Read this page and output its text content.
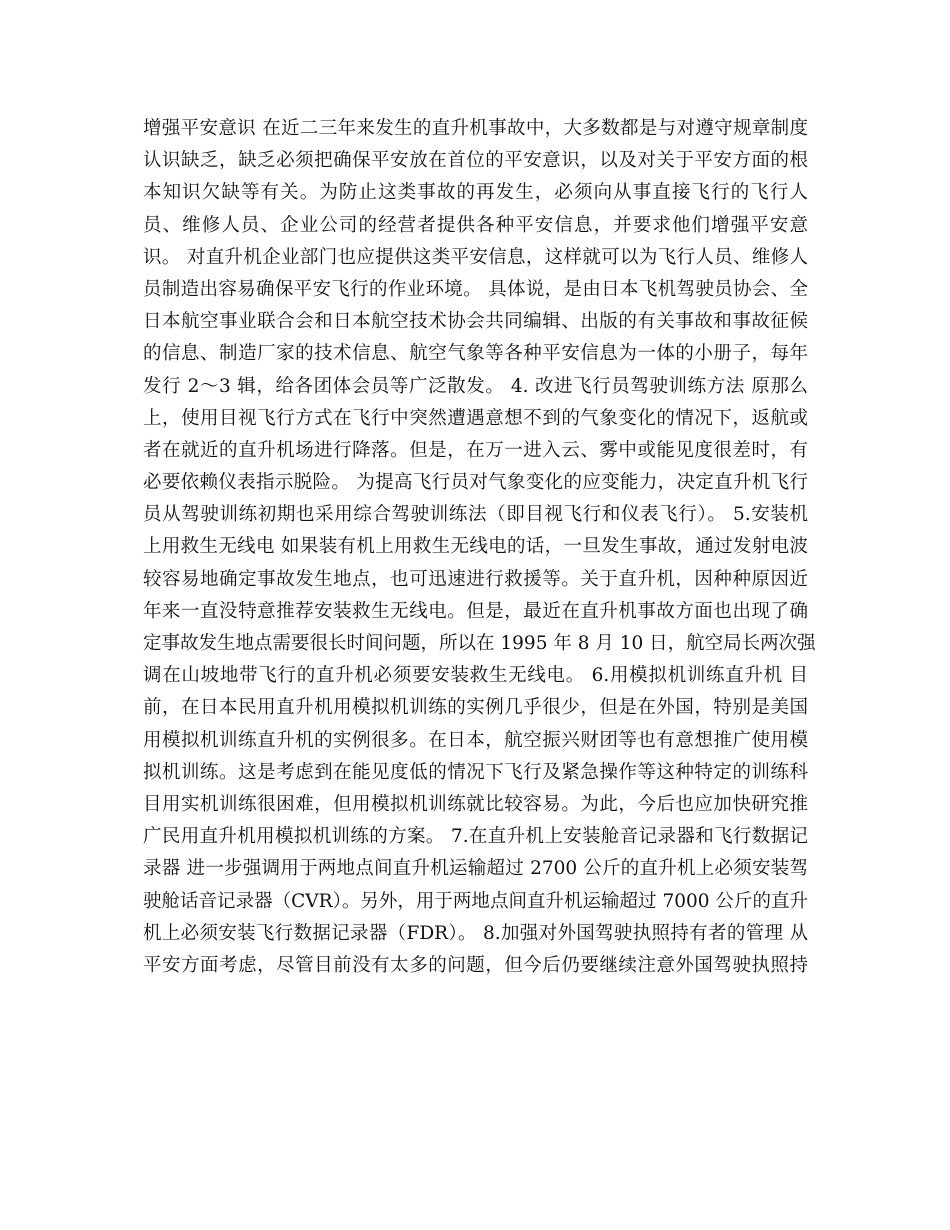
增强平安意识 在近二三年来发生的直升机事故中，大多数都是与对遵守规章制度
认识缺乏，缺乏必须把确保平安放在首位的平安意识，以及对关于平安方面的根
本知识欠缺等有关。为防止这类事故的再发生，必须向从事直接飞行的飞行人
员、维修人员、企业公司的经营者提供各种平安信息，并要求他们增强平安意
识。 对直升机企业部门也应提供这类平安信息，这样就可以为飞行人员、维修人
员制造出容易确保平安飞行的作业环境。 具体说，是由日本飞机驾驶员协会、全
日本航空事业联合会和日本航空技术协会共同编辑、出版的有关事故和事故征候
的信息、制造厂家的技术信息、航空气象等各种平安信息为一体的小册子，每年
发行 2～3 辑，给各团体会员等广泛散发。 4. 改进飞行员驾驶训练方法 原那么
上，使用目视飞行方式在飞行中突然遭遇意想不到的气象变化的情况下，返航或
者在就近的直升机场进行降落。但是，在万一进入云、雾中或能见度很差时，有
必要依赖仪表指示脱险。 为提高飞行员对气象变化的应变能力，决定直升机飞行
员从驾驶训练初期也采用综合驾驶训练法（即目视飞行和仪表飞行）。 5.安装机
上用救生无线电 如果装有机上用救生无线电的话，一旦发生事故，通过发射电波
较容易地确定事故发生地点，也可迅速进行救援等。关于直升机，因种种原因近
年来一直没特意推荐安装救生无线电。但是，最近在直升机事故方面也出现了确
定事故发生地点需要很长时间问题，所以在 1995 年 8 月 10 日，航空局长两次强
调在山坡地带飞行的直升机必须要安装救生无线电。 6.用模拟机训练直升机 目
前，在日本民用直升机用模拟机训练的实例几乎很少，但是在外国，特别是美国
用模拟机训练直升机的实例很多。在日本，航空振兴财团等也有意想推广使用模
拟机训练。这是考虑到在能见度低的情况下飞行及紧急操作等这种特定的训练科
目用实机训练很困难，但用模拟机训练就比较容易。为此，今后也应加快研究推
广民用直升机用模拟机训练的方案。 7.在直升机上安装舱音记录器和飞行数据记
录器 进一步强调用于两地点间直升机运输超过 2700 公斤的直升机上必须安装驾
驶舱话音记录器（CVR）。另外，用于两地点间直升机运输超过 7000 公斤的直升
机上必须安装飞行数据记录器（FDR）。 8.加强对外国驾驶执照持有者的管理 从
平安方面考虑，尽管目前没有太多的问题，但今后仍要继续注意外国驾驶执照持
